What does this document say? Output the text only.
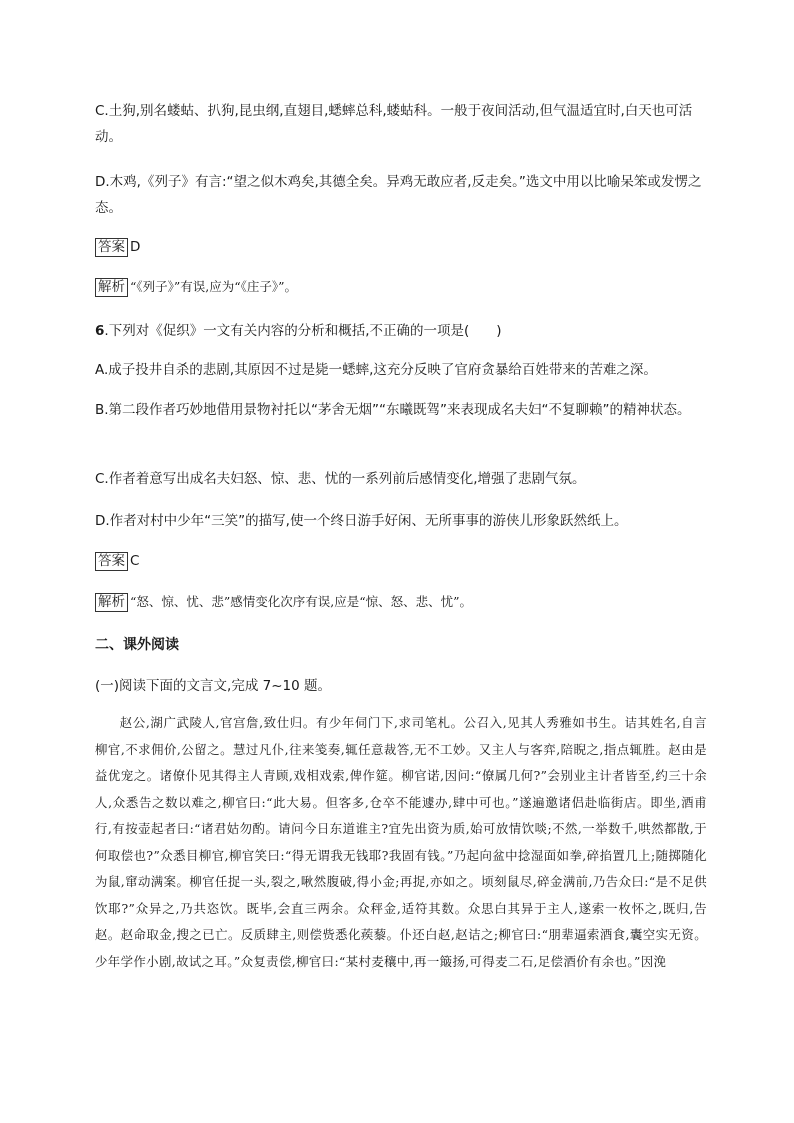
C.土狗,别名蝼蛄、扒狗,昆虫纲,直翅目,蟋蟀总科,蝼蛄科。一般于夜间活动,但气温适宜时,白天也可活动。

D.木鸡,《列子》有言:“望之似木鸡矣,其德全矣。异鸡无敢应者,反走矣。”选文中用以比喻呆笨或发愣之态。

答案 D
解析 “《列子》”有误,应为“《庄子》”。

6.下列对《促织》一文有关内容的分析和概括,不正确的一项是(　　)

A.成子投井自杀的悲剧,其原因不过是毙一蟋蟀,这充分反映了官府贪暴给百姓带来的苦难之深。

B.第二段作者巧妙地借用景物衬托以“茅舍无烟”“东曦既驾”来表现成名夫妇“不复聊赖”的精神状态。

C.作者着意写出成名夫妇怒、惊、悲、忧的一系列前后感情变化,增强了悲剧气氛。

D.作者对村中少年“三笑”的描写,使一个终日游手好闲、无所事事的游侠儿形象跃然纸上。

答案 C
解析 “怒、惊、忧、悲”感情变化次序有误,应是“惊、怒、悲、忧”。
二、课外阅读

(一)阅读下面的文言文,完成 7~10 题。

赵公,湖广武陵人,官宫詹,致仕归。有少年伺门下,求司笔札。公召入,见其人秀雅如书生。诘其姓名,自言柳官,不求佣价,公留之。慧过凡仆,往来笺奏,辄任意裁答,无不工妙。又主人与客弈,陪睨之,指点辄胜。赵由是益优宠之。诸僚仆见其得主人青顾,戏相戏索,俾作筵。柳官诺,因问:“僚属几何?”会别业主计者皆至,约三十余人,众悉告之数以难之,柳官曰:“此大易。但客多,仓卒不能遽办,肆中可也。”遂遍邀诸侣赴临街店。即坐,酒甫行,有按壶起者曰:“诸君姑勿酌。请问今日东道谁主?宜先出资为质,始可放情饮啖;不然,一举数千,哄然都散,于何取偿也?”众悉目柳官,柳官笑曰:“得无谓我无钱耶?我固有钱。”乃起向盆中捻湿面如拳,碎掐置几上;随掷随化为鼠,窜动满案。柳官任捉一头,裂之,啾然腹破,得小金;再捉,亦如之。顷刻鼠尽,碎金满前,乃告众曰:“是不足供饮耶?”众异之,乃共恣饮。既毕,会直三两余。众秤金,适符其数。众思白其异于主人,遂索一枚怀之,既归,告赵。赵命取金,搜之已亡。反质肆主,则偿赀悉化蒺藜。仆还白赵,赵诘之;柳官曰:“朋辈逼索酒食,囊空实无资。少年学作小剧,故试之耳。”众复责偿,柳官曰:“某村麦穰中,再一簸扬,可得麦二石,足偿酒价有余也。”因浼
